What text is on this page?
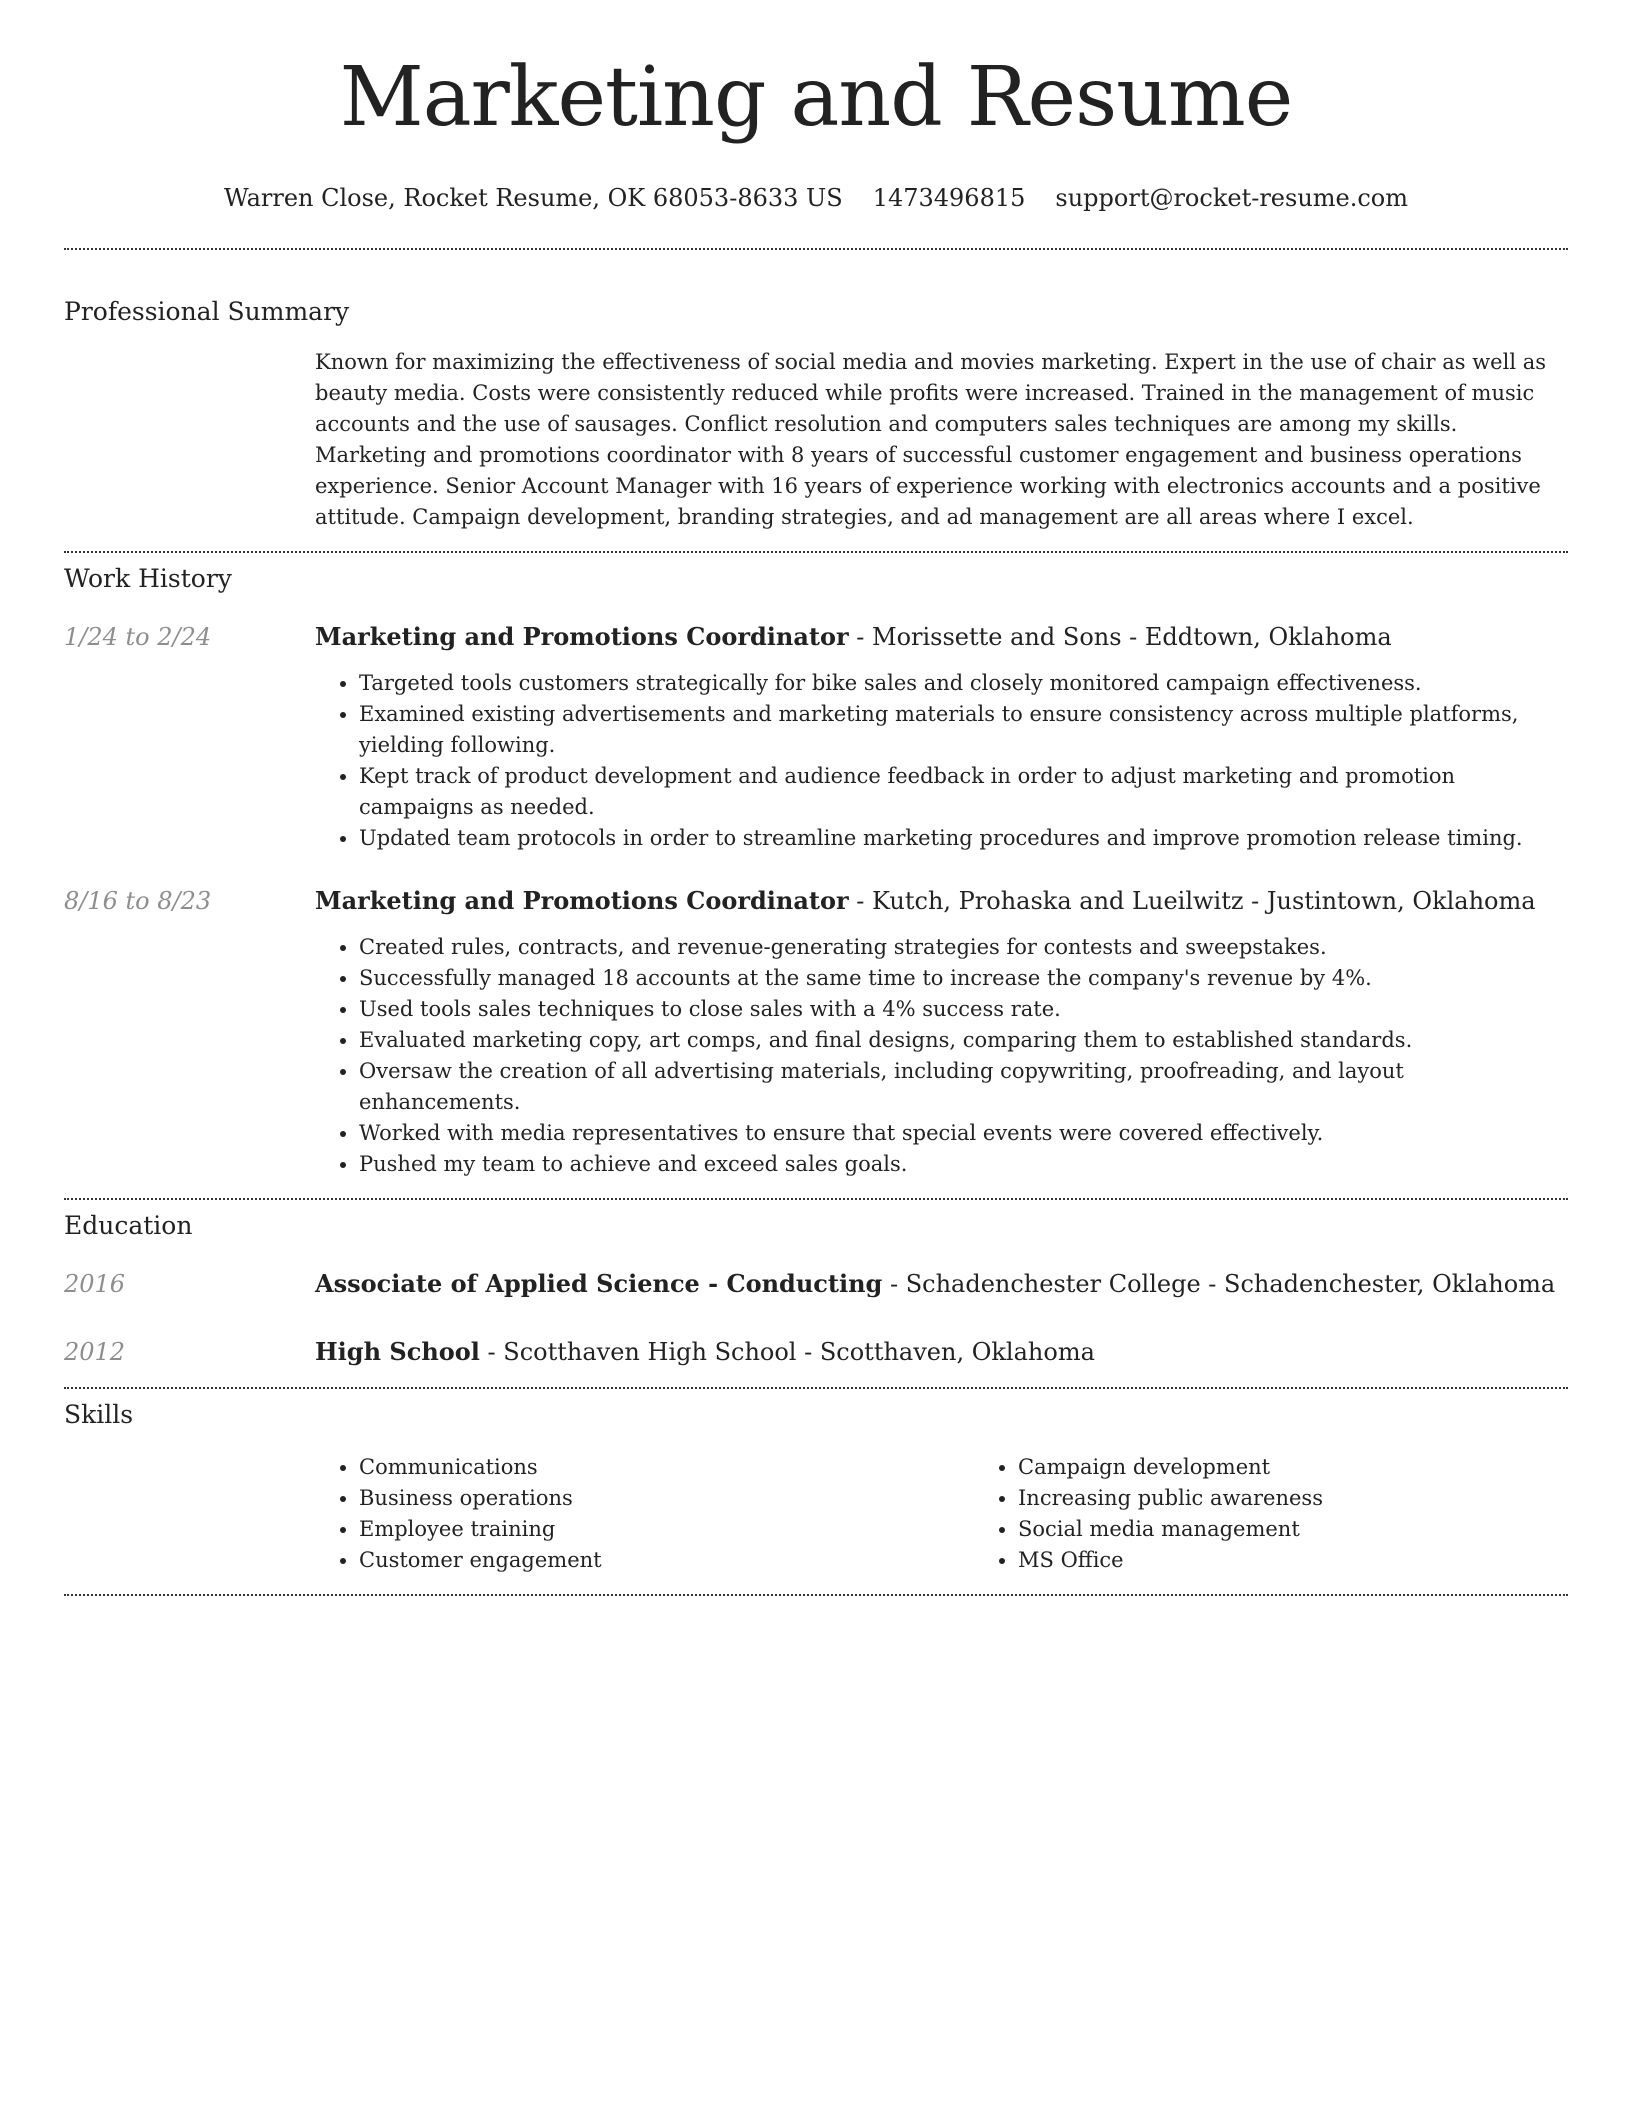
Marketing and Resume
Warren Close, Rocket Resume, OK 68053-8633 US 1473496815 support@rocket-resume.com
Professional Summary
Known for maximizing the effectiveness of social media and movies marketing. Expert in the use of chair as well as beauty media. Costs were consistently reduced while profits were increased. Trained in the management of music accounts and the use of sausages. Conflict resolution and computers sales techniques are among my skills. Marketing and promotions coordinator with 8 years of successful customer engagement and business operations experience. Senior Account Manager with 16 years of experience working with electronics accounts and a positive attitude. Campaign development, branding strategies, and ad management are all areas where I excel.
Work History
1/24 to 2/24	Marketing and Promotions Coordinator - Morissette and Sons - Eddtown, Oklahoma
• Targeted tools customers strategically for bike sales and closely monitored campaign effectiveness.
• Examined existing advertisements and marketing materials to ensure consistency across multiple platforms, yielding following.
• Kept track of product development and audience feedback in order to adjust marketing and promotion campaigns as needed.
• Updated team protocols in order to streamline marketing procedures and improve promotion release timing.
8/16 to 8/23	Marketing and Promotions Coordinator - Kutch, Prohaska and Lueilwitz - Justintown, Oklahoma
• Created rules, contracts, and revenue-generating strategies for contests and sweepstakes.
• Successfully managed 18 accounts at the same time to increase the company's revenue by 4%.
• Used tools sales techniques to close sales with a 4% success rate.
• Evaluated marketing copy, art comps, and final designs, comparing them to established standards.
• Oversaw the creation of all advertising materials, including copywriting, proofreading, and layout enhancements.
• Worked with media representatives to ensure that special events were covered effectively.
• Pushed my team to achieve and exceed sales goals.
Education
2016	Associate of Applied Science - Conducting - Schadenchester College - Schadenchester, Oklahoma
2012	High School - Scotthaven High School - Scotthaven, Oklahoma
Skills
• Communications
• Business operations
• Employee training
• Customer engagement
• Campaign development
• Increasing public awareness
• Social media management
• MS Office
